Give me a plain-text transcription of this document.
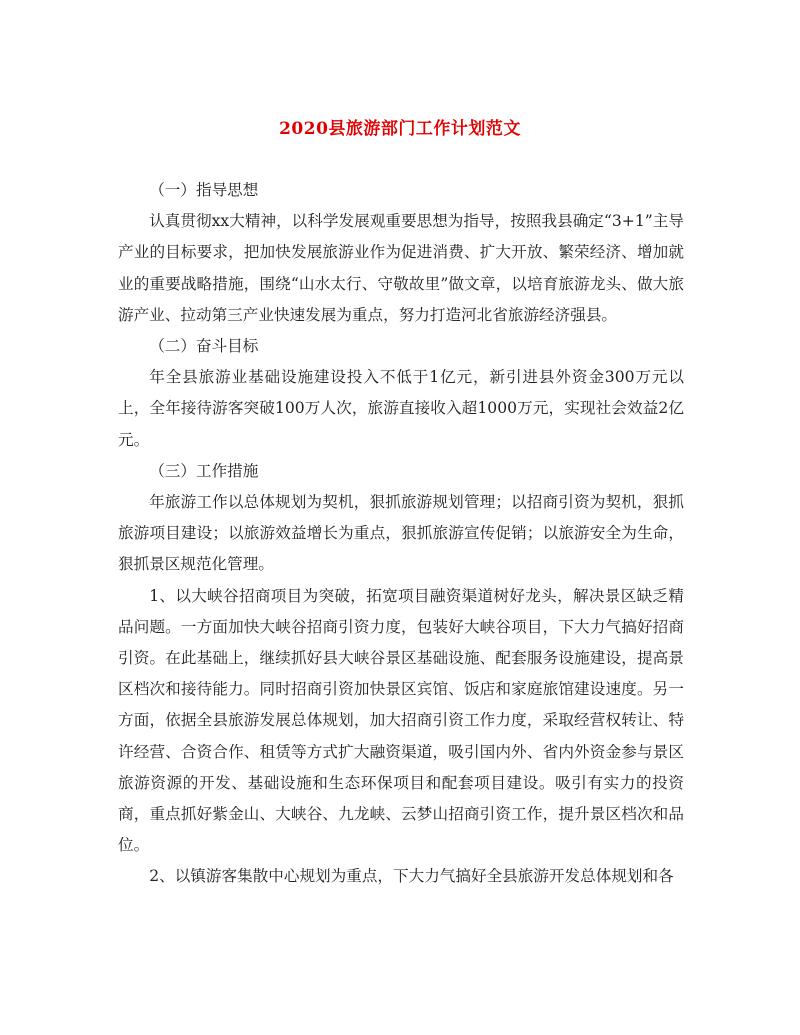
2020县旅游部门工作计划范文

（一）指导思想

认真贯彻xx大精神，以科学发展观重要思想为指导，按照我县确定“3+1”主导产业的目标要求，把加快发展旅游业作为促进消费、扩大开放、繁荣经济、增加就业的重要战略措施，围绕“山水太行、守敬故里”做文章，以培育旅游龙头、做大旅游产业、拉动第三产业快速发展为重点，努力打造河北省旅游经济强县。

（二）奋斗目标

年全县旅游业基础设施建设投入不低于1亿元，新引进县外资金300万元以上，全年接待游客突破100万人次，旅游直接收入超1000万元，实现社会效益2亿元。

（三）工作措施

年旅游工作以总体规划为契机，狠抓旅游规划管理；以招商引资为契机，狠抓旅游项目建设；以旅游效益增长为重点，狠抓旅游宣传促销；以旅游安全为生命，狠抓景区规范化管理。

1、以大峡谷招商项目为突破，拓宽项目融资渠道树好龙头，解决景区缺乏精品问题。一方面加快大峡谷招商引资力度，包装好大峡谷项目，下大力气搞好招商引资。在此基础上，继续抓好县大峡谷景区基础设施、配套服务设施建设，提高景区档次和接待能力。同时招商引资加快景区宾馆、饭店和家庭旅馆建设速度。另一方面，依据全县旅游发展总体规划，加大招商引资工作力度，采取经营权转让、特许经营、合资合作、租赁等方式扩大融资渠道，吸引国内外、省内外资金参与景区旅游资源的开发、基础设施和生态环保项目和配套项目建设。吸引有实力的投资商，重点抓好紫金山、大峡谷、九龙峡、云梦山招商引资工作，提升景区档次和品位。

2、以镇游客集散中心规划为重点，下大力气搞好全县旅游开发总体规划和各
